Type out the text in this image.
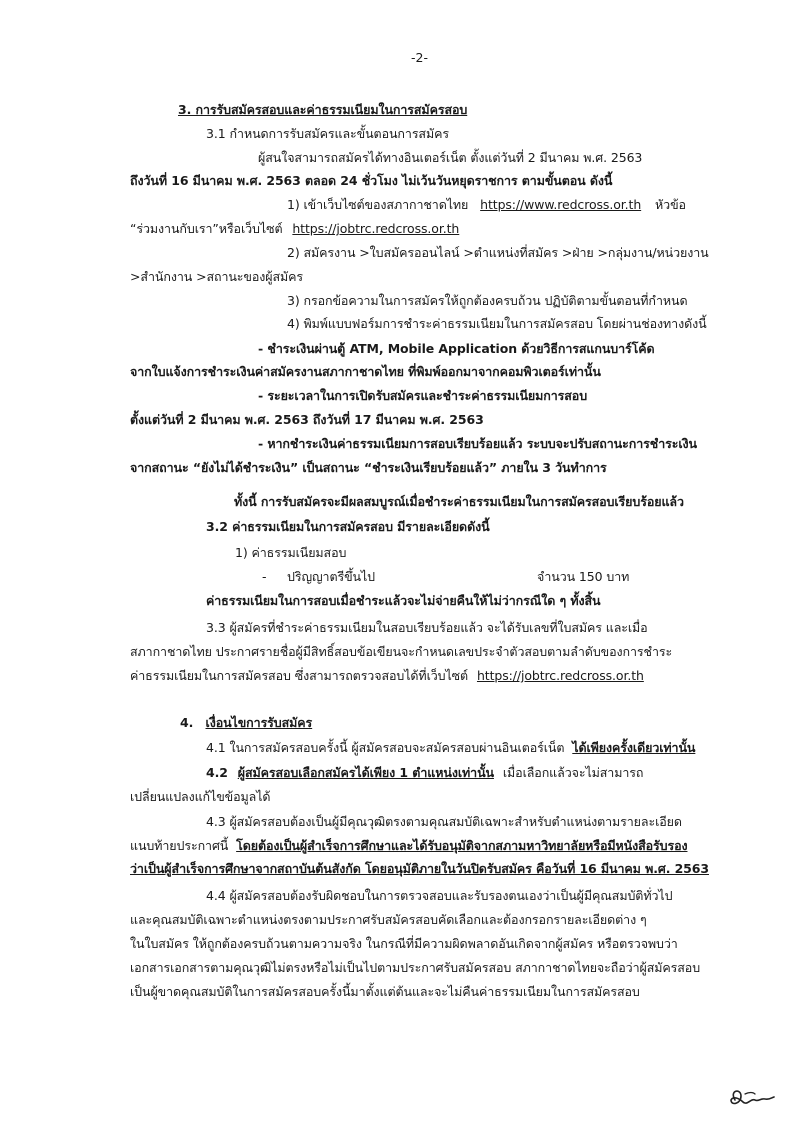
-2-
3. การรับสมัครสอบและค่าธรรมเนียมในการสมัครสอบ
3.1 กำหนดการรับสมัครและขั้นตอนการสมัคร
ผู้สนใจสามารถสมัครได้ทางอินเตอร์เน็ต ตั้งแต่วันที่ 2 มีนาคม พ.ศ. 2563
ถึงวันที่ 16 มีนาคม พ.ศ. 2563 ตลอด 24 ชั่วโมง ไม่เว้นวันหยุดราชการ ตามขั้นตอน ดังนี้
1) เข้าเว็บไซต์ของสภากาชาดไทย https://www.redcross.or.th หัวข้อ
“ร่วมงานกับเรา”หรือเว็บไซต์ https://jobtrc.redcross.or.th
2) สมัครงาน >ใบสมัครออนไลน์ >ตำแหน่งที่สมัคร >ฝ่าย >กลุ่มงาน/หน่วยงาน
>สำนักงาน >สถานะของผู้สมัคร
3) กรอกข้อความในการสมัครให้ถูกต้องครบถ้วน ปฏิบัติตามขั้นตอนที่กำหนด
4) พิมพ์แบบฟอร์มการชำระค่าธรรมเนียมในการสมัครสอบ โดยผ่านช่องทางดังนี้
- ชำระเงินผ่านตู้ ATM, Mobile Application ด้วยวิธีการสแกนบาร์โค้ด
จากใบแจ้งการชำระเงินค่าสมัครงานสภากาชาดไทย ที่พิมพ์ออกมาจากคอมพิวเตอร์เท่านั้น
- ระยะเวลาในการเปิดรับสมัครและชำระค่าธรรมเนียมการสอบ
ตั้งแต่วันที่ 2 มีนาคม พ.ศ. 2563 ถึงวันที่ 17 มีนาคม พ.ศ. 2563
- หากชำระเงินค่าธรรมเนียมการสอบเรียบร้อยแล้ว ระบบจะปรับสถานะการชำระเงิน
จากสถานะ “ยังไม่ได้ชำระเงิน” เป็นสถานะ “ชำระเงินเรียบร้อยแล้ว” ภายใน 3 วันทำการ
ทั้งนี้ การรับสมัครจะมีผลสมบูรณ์เมื่อชำระค่าธรรมเนียมในการสมัครสอบเรียบร้อยแล้ว
3.2 ค่าธรรมเนียมในการสมัครสอบ มีรายละเอียดดังนี้
1) ค่าธรรมเนียมสอบ
- ปริญญาตรีขึ้นไป	จำนวน 150 บาท
ค่าธรรมเนียมในการสอบเมื่อชำระแล้วจะไม่จ่ายคืนให้ไม่ว่ากรณีใด ๆ ทั้งสิ้น
3.3 ผู้สมัครที่ชำระค่าธรรมเนียมในสอบเรียบร้อยแล้ว จะได้รับเลขที่ใบสมัคร และเมื่อ
สภากาชาดไทย ประกาศรายชื่อผู้มีสิทธิ์สอบข้อเขียนจะกำหนดเลขประจำตัวสอบตามลำดับของการชำระ
ค่าธรรมเนียมในการสมัครสอบ ซึ่งสามารถตรวจสอบได้ที่เว็บไซต์ https://jobtrc.redcross.or.th
4. เงื่อนไขการรับสมัคร
4.1 ในการสมัครสอบครั้งนี้ ผู้สมัครสอบจะสมัครสอบผ่านอินเตอร์เน็ต ได้เพียงครั้งเดียวเท่านั้น
4.2 ผู้สมัครสอบเลือกสมัครได้เพียง 1 ตำแหน่งเท่านั้น เมื่อเลือกแล้วจะไม่สามารถ
เปลี่ยนแปลงแก้ไขข้อมูลได้
4.3 ผู้สมัครสอบต้องเป็นผู้มีคุณวุฒิตรงตามคุณสมบัติเฉพาะสำหรับตำแหน่งตามรายละเอียด
แนบท้ายประกาศนี้ โดยต้องเป็นผู้สำเร็จการศึกษาและได้รับอนุมัติจากสภามหาวิทยาลัยหรือมีหนังสือรับรอง
ว่าเป็นผู้สำเร็จการศึกษาจากสถาบันต้นสังกัด โดยอนุมัติภายในวันปิดรับสมัคร คือวันที่ 16 มีนาคม พ.ศ. 2563
4.4 ผู้สมัครสอบต้องรับผิดชอบในการตรวจสอบและรับรองตนเองว่าเป็นผู้มีคุณสมบัติทั่วไป
และคุณสมบัติเฉพาะตำแหน่งตรงตามประกาศรับสมัครสอบคัดเลือกและต้องกรอกรายละเอียดต่าง ๆ
ในใบสมัคร ให้ถูกต้องครบถ้วนตามความจริง ในกรณีที่มีความผิดพลาดอันเกิดจากผู้สมัคร หรือตรวจพบว่า
เอกสารเอกสารตามคุณวุฒิไม่ตรงหรือไม่เป็นไปตามประกาศรับสมัครสอบ สภากาชาดไทยจะถือว่าผู้สมัครสอบ
เป็นผู้ขาดคุณสมบัติในการสมัครสอบครั้งนี้มาตั้งแต่ต้นและจะไม่คืนค่าธรรมเนียมในการสมัครสอบ
